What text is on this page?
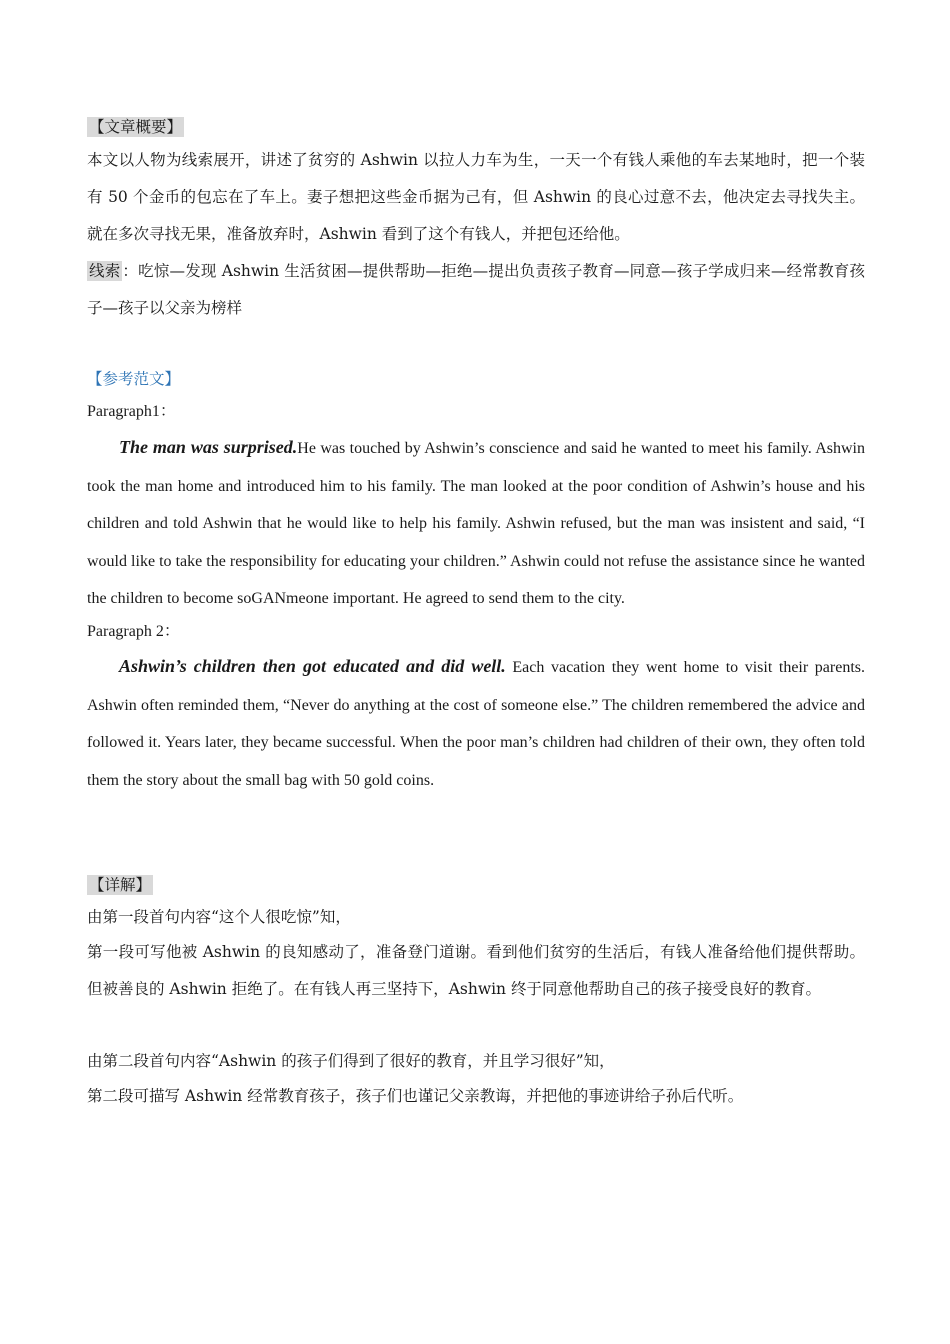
【文章概要】
本文以人物为线索展开，讲述了贫穷的 Ashwin 以拉人力车为生，一天一个有钱人乘他的车去某地时，把一个装有 50 个金币的包忘在了车上。妻子想把这些金币据为己有，但 Ashwin 的良心过意不去，他决定去寻找失主。就在多次寻找无果，准备放弃时，Ashwin 看到了这个有钱人，并把包还给他。
线索 ：吃惊—发现 Ashwin 生活贫困—提供帮助—拒绝—提出负责孩子教育—同意—孩子学成归来—经常教育孩子—孩子以父亲为榜样
【参考范文】
Paragraph1：
The man was surprised.He was touched by Ashwin’s conscience and said he wanted to meet his family. Ashwin took the man home and introduced him to his family. The man looked at the poor condition of Ashwin’s house and his children and told Ashwin that he would like to help his family. Ashwin refused, but the man was insistent and said, “I would like to take the responsibility for educating your children.” Ashwin could not refuse the assistance since he wanted the children to become soGANmeone important. He agreed to send them to the city.
Paragraph 2：
Ashwin’s children then got educated and did well. Each vacation they went home to visit their parents. Ashwin often reminded them, “Never do anything at the cost of someone else.” The children remembered the advice and followed it. Years later, they became successful. When the poor man’s children had children of their own, they often told them the story about the small bag with 50 gold coins.
【详解】
由第一段首句内容“这个人很吃惊”知，
第一段可写他被 Ashwin 的良知感动了，准备登门道谢。看到他们贫穷的生活后，有钱人准备给他们提供帮助。但被善良的 Ashwin 拒绝了。在有钱人再三坚持下，Ashwin 终于同意他帮助自己的孩子接受良好的教育。
由第二段首句内容“Ashwin 的孩子们得到了很好的教育，并且学习很好”知，
第二段可描写 Ashwin 经常教育孩子，孩子们也谨记父亲教诲，并把他的事迹讲给子孙后代听。
